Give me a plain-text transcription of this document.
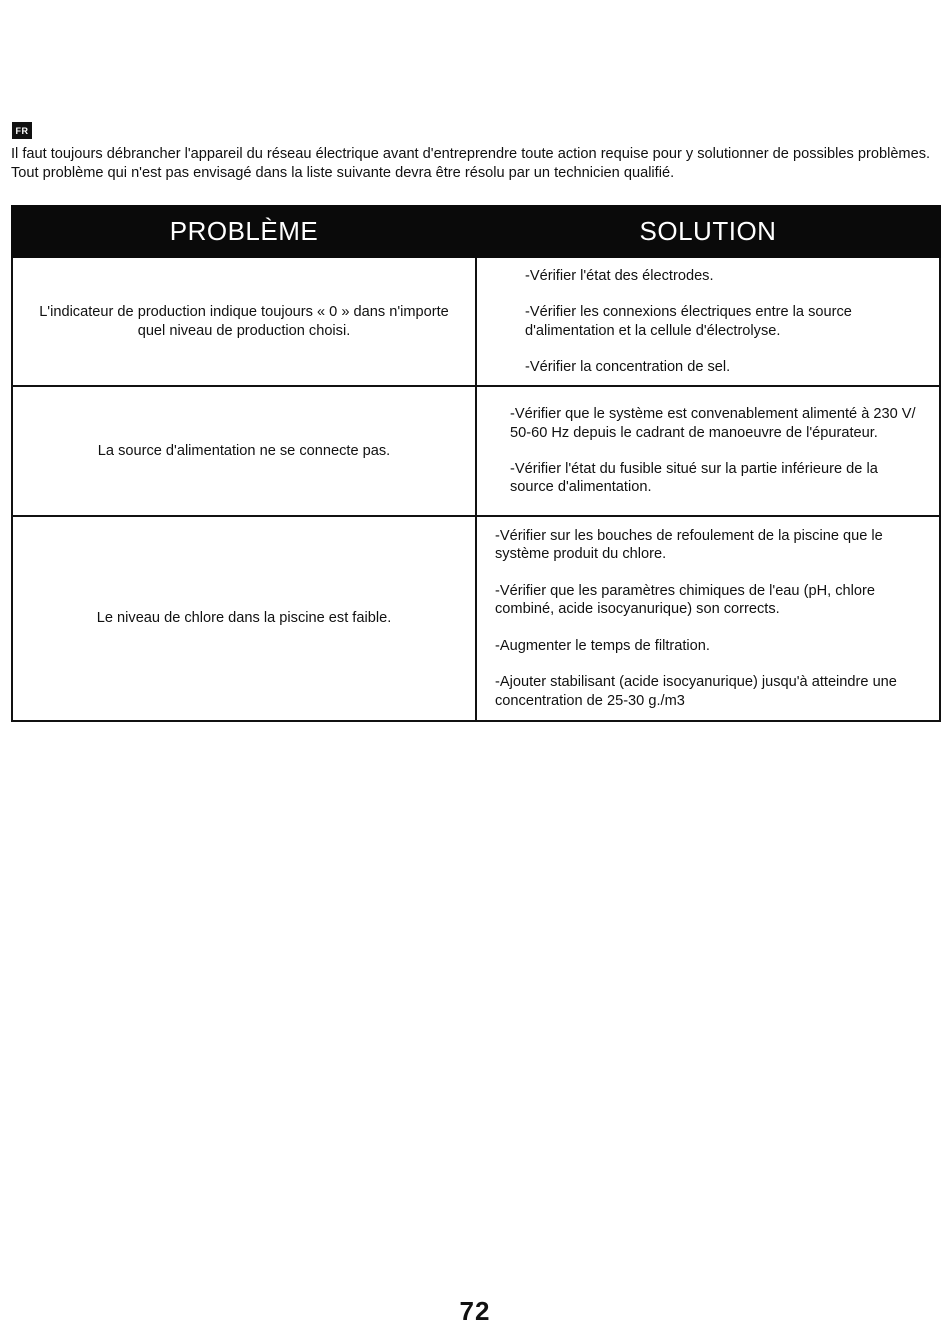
FR

Il faut toujours débrancher l'appareil du réseau électrique avant d'entreprendre toute action requise pour y solutionner de possibles problèmes. Tout problème qui n'est pas envisagé dans la liste suivante devra être résolu par un technicien qualifié.

PROBLÈME	SOLUTION
L'indicateur de production indique toujours « 0 » dans n'importe quel niveau de production choisi.	-Vérifier l'état des électrodes.

-Vérifier les connexions électriques entre la source d'alimentation et la cellule d'électrolyse.

-Vérifier la concentration de sel.

La source d'alimentation ne se connecte pas.	-Vérifier que le système est convenablement alimenté à 230 V/ 50-60 Hz depuis le cadrant de manoeuvre de l'épurateur.

-Vérifier l'état du fusible situé sur la partie inférieure de la source d'alimentation.

Le niveau de chlore dans la piscine est faible.	-Vérifier sur les bouches de refoulement de la piscine que le système produit du chlore.

-Vérifier que les paramètres chimiques de l'eau (pH, chlore combiné, acide isocyanurique) son corrects.

-Augmenter le temps de filtration.

-Ajouter stabilisant (acide isocyanurique) jusqu'à atteindre une concentration de 25-30 g./m3

72
